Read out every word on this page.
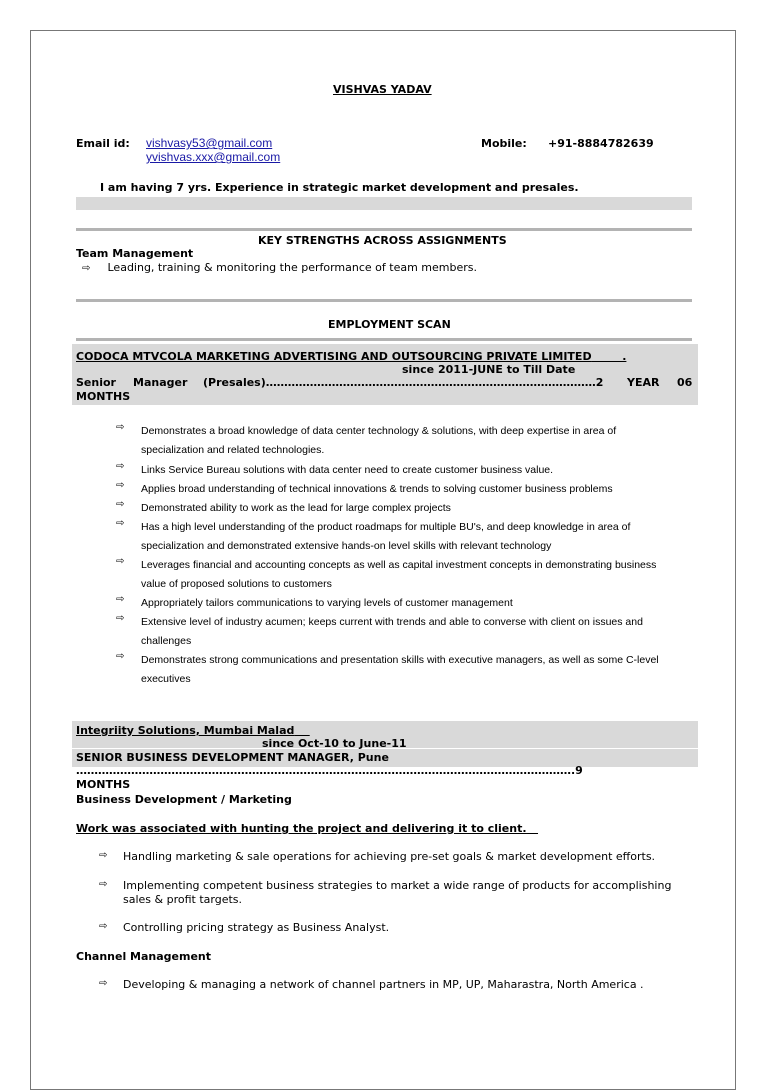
VISHVAS YADAV
Email id: vishvasy53@gmail.com
yvishvas.xxx@gmail.com
Mobile: +91-8884782639
I am having 7 yrs. Experience in strategic market development and presales.
KEY STRENGTHS ACROSS ASSIGNMENTS
Team Management
⇨ Leading, training & monitoring the performance of team members.
EMPLOYMENT SCAN
CODOCA MTVCOLA MARKETING ADVERTISING AND OUTSOURCING PRIVATE LIMITED        .
since 2011-JUNE to Till Date
Senior Manager (Presales)………………………………………………………………………………2 YEAR 06
MONTHS
⇨ Demonstrates a broad knowledge of data center technology & solutions, with deep expertise in area of
specialization and related technologies.
⇨ Links Service Bureau solutions with data center need to create customer business value.
⇨ Applies broad understanding of technical innovations & trends to solving customer business problems
⇨ Demonstrated ability to work as the lead for large complex projects
⇨ Has a high level understanding of the product roadmaps for multiple BU's, and deep knowledge in area of
specialization and demonstrated extensive hands-on level skills with relevant technology
⇨ Leverages financial and accounting concepts as well as capital investment concepts in demonstrating business
value of proposed solutions to customers
⇨ Appropriately tailors communications to varying levels of customer management
⇨ Extensive level of industry acumen; keeps current with trends and able to converse with client on issues and
challenges
⇨ Demonstrates strong communications and presentation skills with executive managers, as well as some C-level
executives
Integriity Solutions, Mumbai Malad
since Oct-10 to June-11
SENIOR BUSINESS DEVELOPMENT MANAGER, Pune
……………………………………………………………………………………………………………………….9
MONTHS
Business Development / Marketing
Work was associated with hunting the project and delivering it to client.
⇨ Handling marketing & sale operations for achieving pre-set goals & market development efforts.
⇨ Implementing competent business strategies to market a wide range of products for accomplishing
sales & profit targets.
⇨ Controlling pricing strategy as Business Analyst.
Channel Management
⇨ Developing & managing a network of channel partners in MP, UP, Maharastra, North America .
